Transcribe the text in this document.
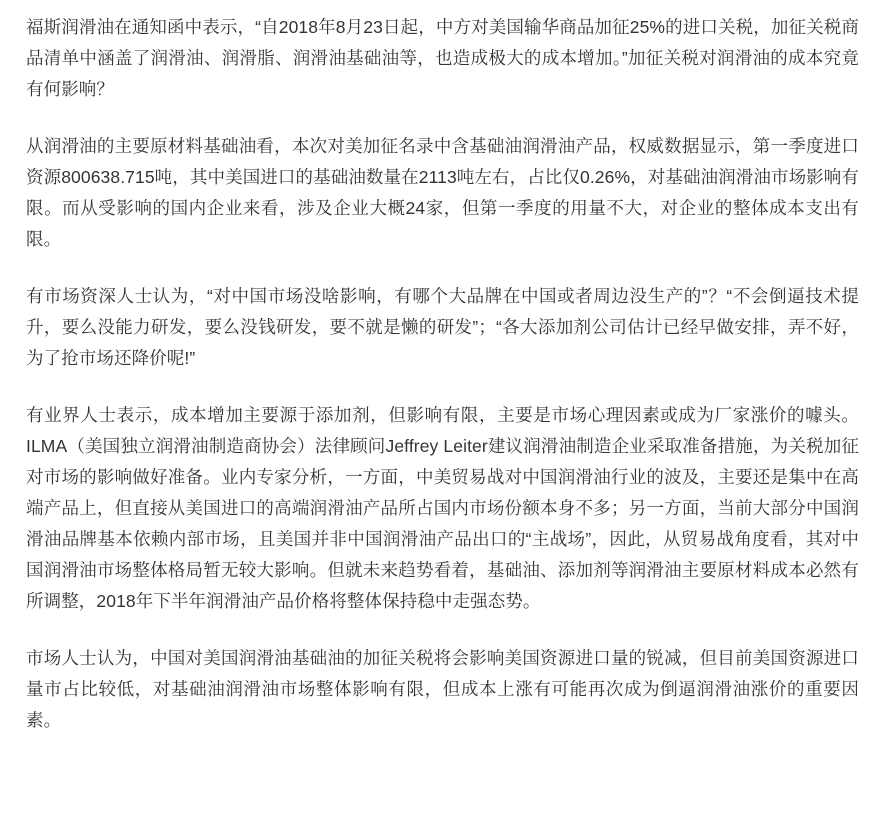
福斯润滑油在通知函中表示，“自2018年8月23日起，中方对美国输华商品加征25%的进口关税，加征关税商品清单中涵盖了润滑油、润滑脂、润滑油基础油等，也造成极大的成本增加。”加征关税对润滑油的成本究竟有何影响？

从润滑油的主要原材料基础油看，本次对美加征名录中含基础油润滑油产品，权威数据显示，第一季度进口资源800638.715吨，其中美国进口的基础油数量在2113吨左右，占比仅0.26%，对基础油润滑油市场影响有限。而从受影响的国内企业来看，涉及企业大概24家，但第一季度的用量不大，对企业的整体成本支出有限。

有市场资深人士认为，“对中国市场没啥影响，有哪个大品牌在中国或者周边没生产的”？“不会倒逼技术提升，要么没能力研发，要么没钱研发，要不就是懒的研发”；“各大添加剂公司估计已经早做安排，弄不好，为了抢市场还降价呢!”

有业界人士表示，成本增加主要源于添加剂，但影响有限，主要是市场心理因素或成为厂家涨价的噱头。ILMA（美国独立润滑油制造商协会）法律顾问Jeffrey Leiter建议润滑油制造企业采取准备措施，为关税加征对市场的影响做好准备。业内专家分析，一方面，中美贸易战对中国润滑油行业的波及，主要还是集中在高端产品上，但直接从美国进口的高端润滑油产品所占国内市场份额本身不多；另一方面，当前大部分中国润滑油品牌基本依赖内部市场，且美国并非中国润滑油产品出口的“主战场”，因此，从贸易战角度看，其对中国润滑油市场整体格局暂无较大影响。但就未来趋势看着，基础油、添加剂等润滑油主要原材料成本必然有所调整，2018年下半年润滑油产品价格将整体保持稳中走强态势。

市场人士认为，中国对美国润滑油基础油的加征关税将会影响美国资源进口量的锐减，但目前美国资源进口量市占比较低，对基础油润滑油市场整体影响有限，但成本上涨有可能再次成为倒逼润滑油涨价的重要因素。
